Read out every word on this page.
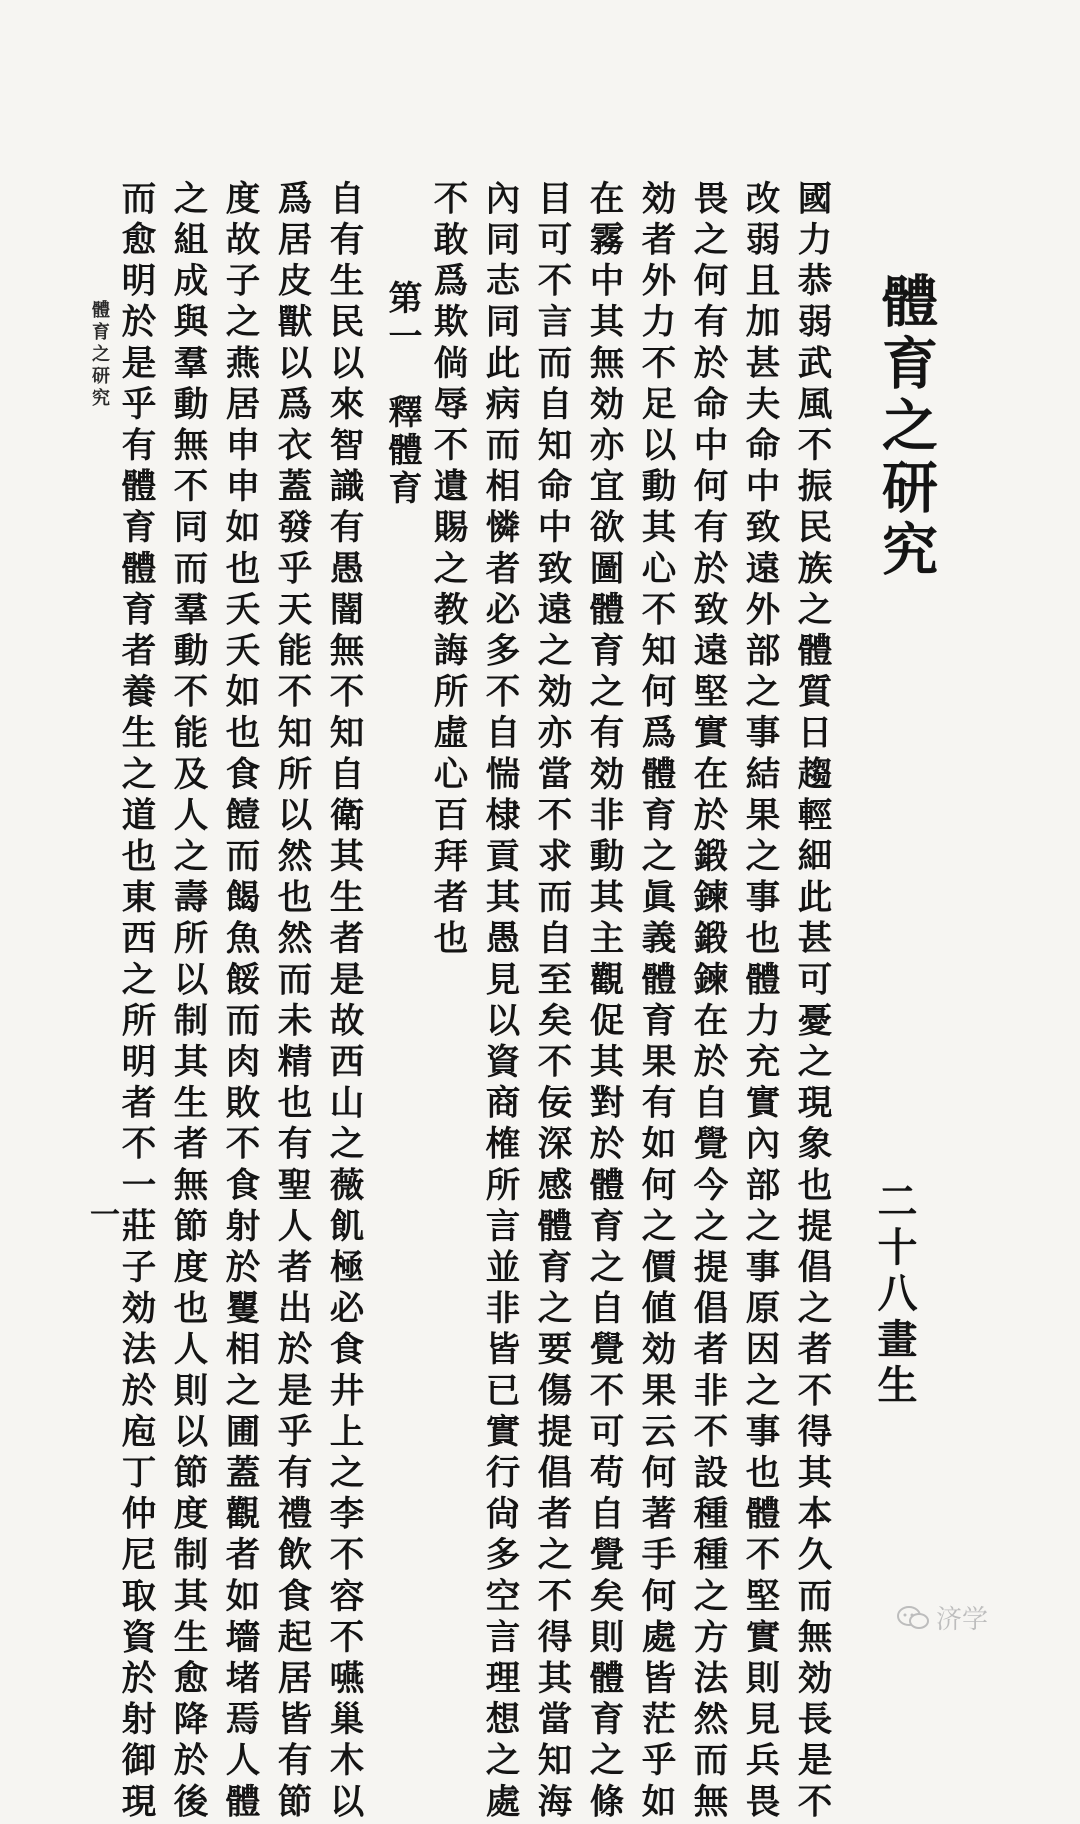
體育之研究
二十八畫生
國力恭弱武風不振民族之體質日趨輕細此甚可憂之現象也提倡之者不得其本久而無効長是不
改弱且加甚夫命中致遠外部之事結果之事也體力充實內部之事原因之事也體不堅實則見兵畏
畏之何有於命中何有於致遠堅實在於鍛鍊鍛鍊在於自覺今之提倡者非不設種種之方法然而無
効者外力不足以動其心不知何爲體育之眞義體育果有如何之價値効果云何著手何處皆茫乎如
在霧中其無効亦宜欲圖體育之有効非動其主觀促其對於體育之自覺不可苟自覺矣則體育之條
目可不言而自知命中致遠之効亦當不求而自至矣不佞深感體育之要傷提倡者之不得其當知海
內同志同此病而相憐者必多不自惴棣貢其愚見以資商榷所言並非皆已實行尙多空言理想之處
不敢爲欺倘辱不遺賜之教誨所虛心百拜者也
第一　釋體育
自有生民以來智識有愚闇無不知自衛其生者是故西山之薇飢極必食井上之李不容不嚥巢木以
爲居皮獸以爲衣蓋發乎天能不知所以然也然而未精也有聖人者出於是乎有禮飲食起居皆有節
度故子之燕居申申如也夭夭如也食饐而餲魚餒而肉敗不食射於矍相之圃蓋觀者如墻堵焉人體
之組成與羣動無不同而羣動不能及人之壽所以制其生者無節度也人則以節度制其生愈降於後
而愈明於是乎有體育體育者養生之道也東西之所明者不一莊子効法於庖丁仲尼取資於射御現
體育之研究
一
济学
